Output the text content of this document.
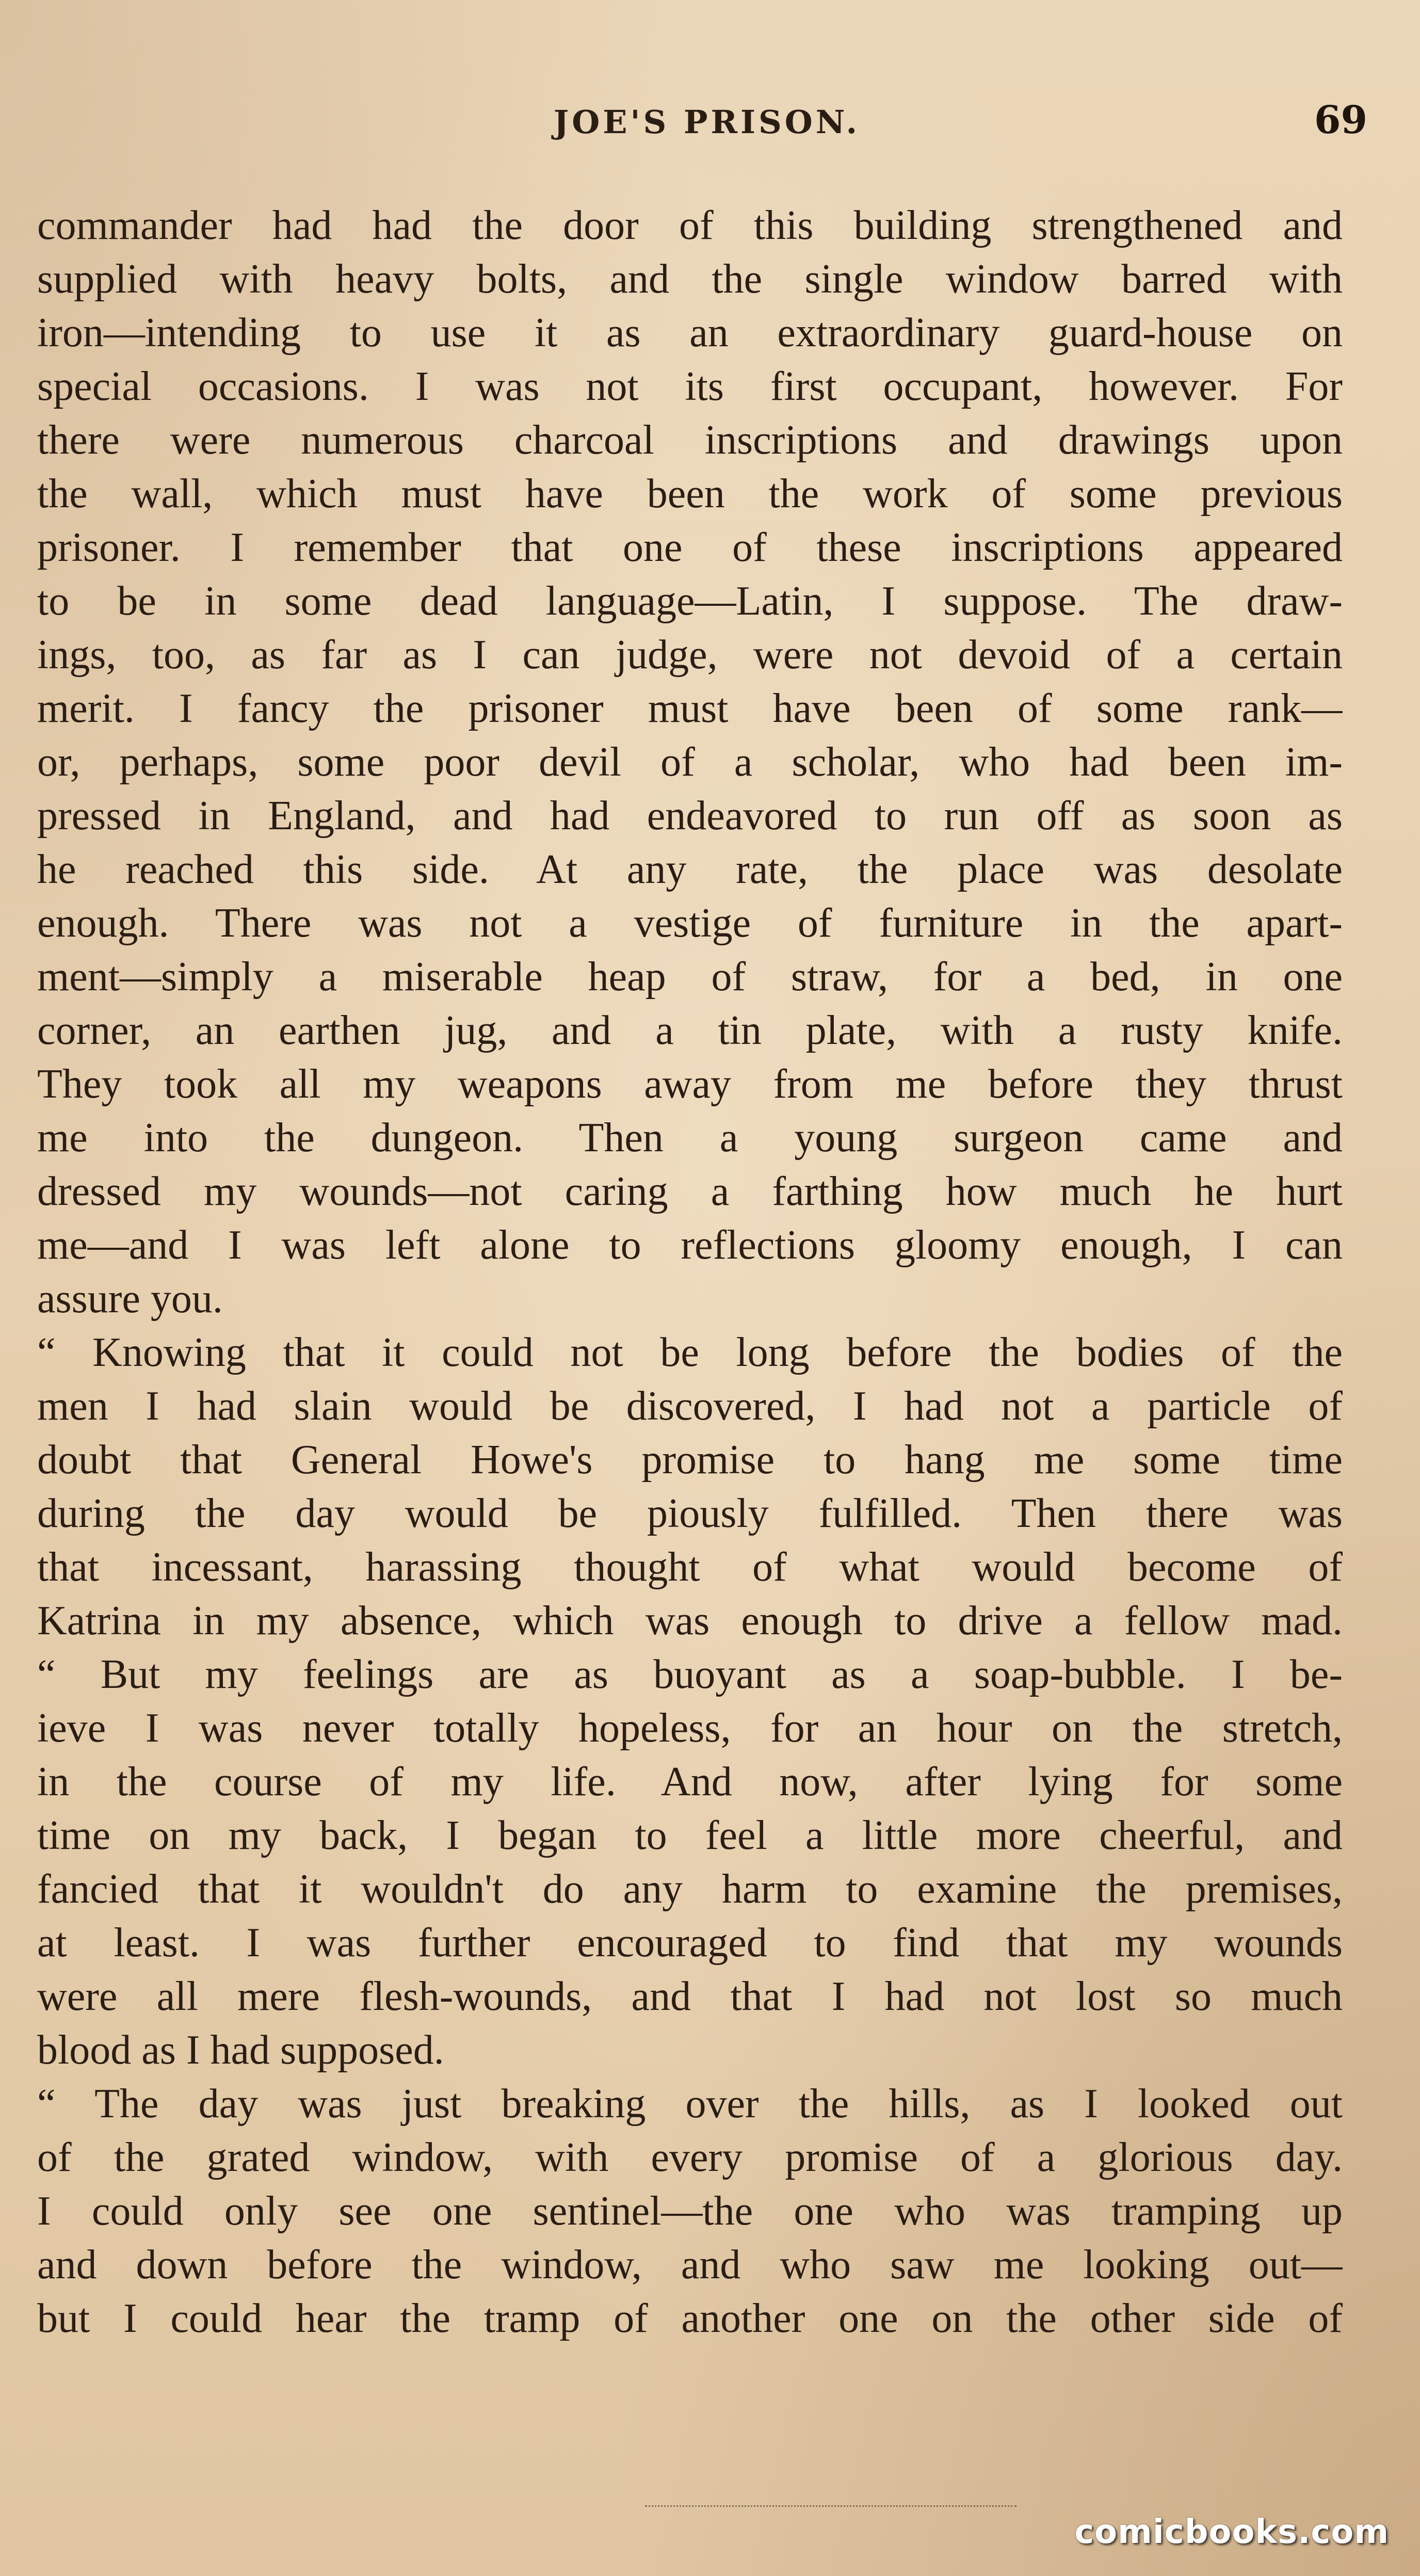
JOE'S PRISON.	69
commander had had the door of this building strengthened and
supplied with heavy bolts, and the single window barred with
iron—intending to use it as an extraordinary guard-house on
special occasions. I was not its first occupant, however. For
there were numerous charcoal inscriptions and drawings upon
the wall, which must have been the work of some previous
prisoner. I remember that one of these inscriptions appeared
to be in some dead language—Latin, I suppose. The draw-
ings, too, as far as I can judge, were not devoid of a certain
merit. I fancy the prisoner must have been of some rank—
or, perhaps, some poor devil of a scholar, who had been im-
pressed in England, and had endeavored to run off as soon as
he reached this side. At any rate, the place was desolate
enough. There was not a vestige of furniture in the apart-
ment—simply a miserable heap of straw, for a bed, in one
corner, an earthen jug, and a tin plate, with a rusty knife.
They took all my weapons away from me before they thrust
me into the dungeon. Then a young surgeon came and
dressed my wounds—not caring a farthing how much he hurt
me—and I was left alone to reflections gloomy enough, I can
assure you.
“ Knowing that it could not be long before the bodies of the
men I had slain would be discovered, I had not a particle of
doubt that General Howe's promise to hang me some time
during the day would be piously fulfilled. Then there was
that incessant, harassing thought of what would become of
Katrina in my absence, which was enough to drive a fellow mad.
“ But my feelings are as buoyant as a soap-bubble. I be-
ieve I was never totally hopeless, for an hour on the stretch,
in the course of my life. And now, after lying for some
time on my back, I began to feel a little more cheerful, and
fancied that it wouldn't do any harm to examine the premises,
at least. I was further encouraged to find that my wounds
were all mere flesh-wounds, and that I had not lost so much
blood as I had supposed.
“ The day was just breaking over the hills, as I looked out
of the grated window, with every promise of a glorious day.
I could only see one sentinel—the one who was tramping up
and down before the window, and who saw me looking out—
but I could hear the tramp of another one on the other side of
comicbooks.com
